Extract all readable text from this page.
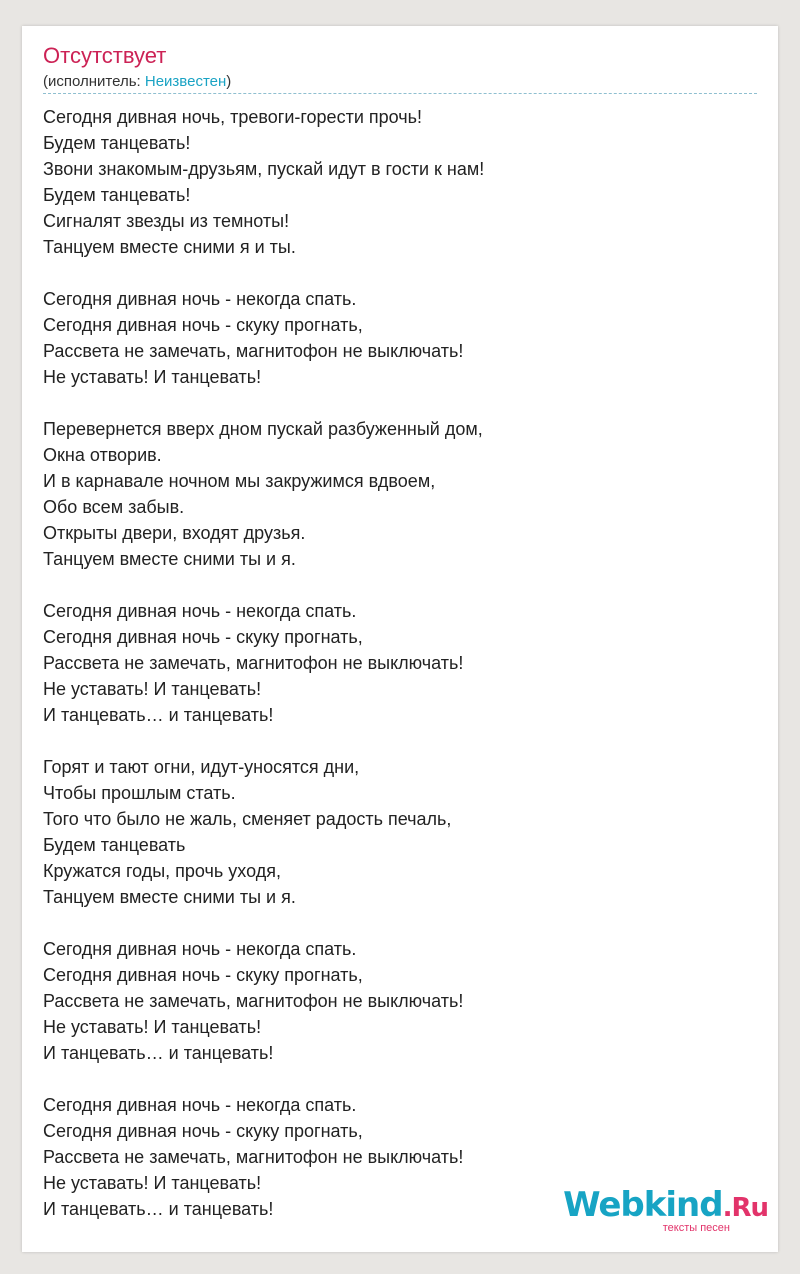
Отсутствует
(исполнитель: Неизвестен)
Сегодня дивная ночь, тревоги-горести прочь!
Будем танцевать!
Звони знакомым-друзьям, пускай идут в гости к нам!
Будем танцевать!
Сигналят звезды из темноты!
Танцуем вместе сними я и ты.
Сегодня дивная ночь - некогда спать.
Сегодня дивная ночь - скуку прогнать,
Рассвета не замечать, магнитофон не выключать!
Не уставать! И танцевать!
Перевернется вверх дном пускай разбуженный дом,
Окна отворив.
И в карнавале ночном мы закружимся вдвоем,
Обо всем забыв.
Открыты двери, входят друзья.
Танцуем вместе сними ты и я.
Сегодня дивная ночь - некогда спать.
Сегодня дивная ночь - скуку прогнать,
Рассвета не замечать, магнитофон не выключать!
Не уставать! И танцевать!
И танцевать… и танцевать!
Горят и тают огни, идут-уносятся дни,
Чтобы прошлым стать.
Того что было не жаль, сменяет радость печаль,
Будем танцевать
Кружатся годы, прочь уходя,
Танцуем вместе сними ты и я.
Сегодня дивная ночь - некогда спать.
Сегодня дивная ночь - скуку прогнать,
Рассвета не замечать, магнитофон не выключать!
Не уставать! И танцевать!
И танцевать… и танцевать!
Сегодня дивная ночь - некогда спать.
Сегодня дивная ночь - скуку прогнать,
Рассвета не замечать, магнитофон не выключать!
Не уставать! И танцевать!
И танцевать… и танцевать!	Webkind.Ru
тексты песен
